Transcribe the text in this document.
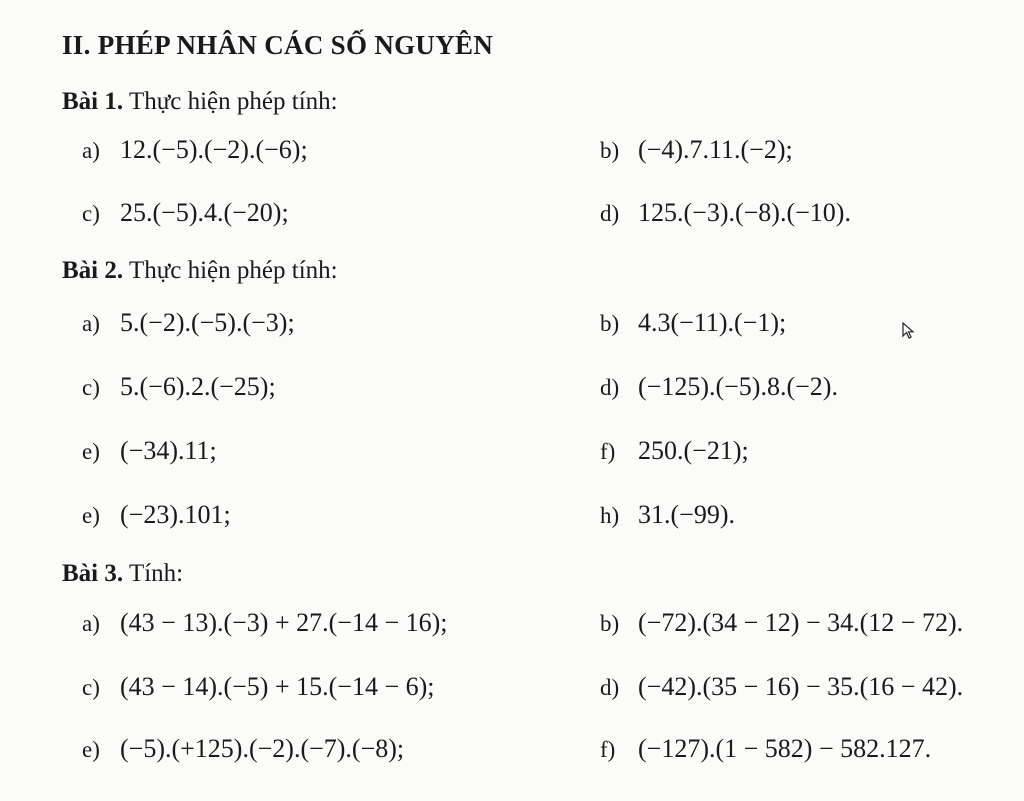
II. PHÉP NHÂN CÁC SỐ NGUYÊN
Bài 1. Thực hiện phép tính:
a) 12.(−5).(−2).(−6);	b) (−4).7.11.(−2);
c) 25.(−5).4.(−20);	d) 125.(−3).(−8).(−10).
Bài 2. Thực hiện phép tính:
a) 5.(−2).(−5).(−3);	b) 4.3(−11).(−1);
c) 5.(−6).2.(−25);	d) (−125).(−5).8.(−2).
e) (−34).11;	f) 250.(−21);
e) (−23).101;	h) 31.(−99).
Bài 3. Tính:
a) (43 − 13).(−3) + 27.(−14 − 16);	b) (−72).(34 − 12) − 34.(12 − 72).
c) (43 − 14).(−5) + 15.(−14 − 6);	d) (−42).(35 − 16) − 35.(16 − 42).
e) (−5).(+125).(−2).(−7).(−8);	f) (−127).(1 − 582) − 582.127.
